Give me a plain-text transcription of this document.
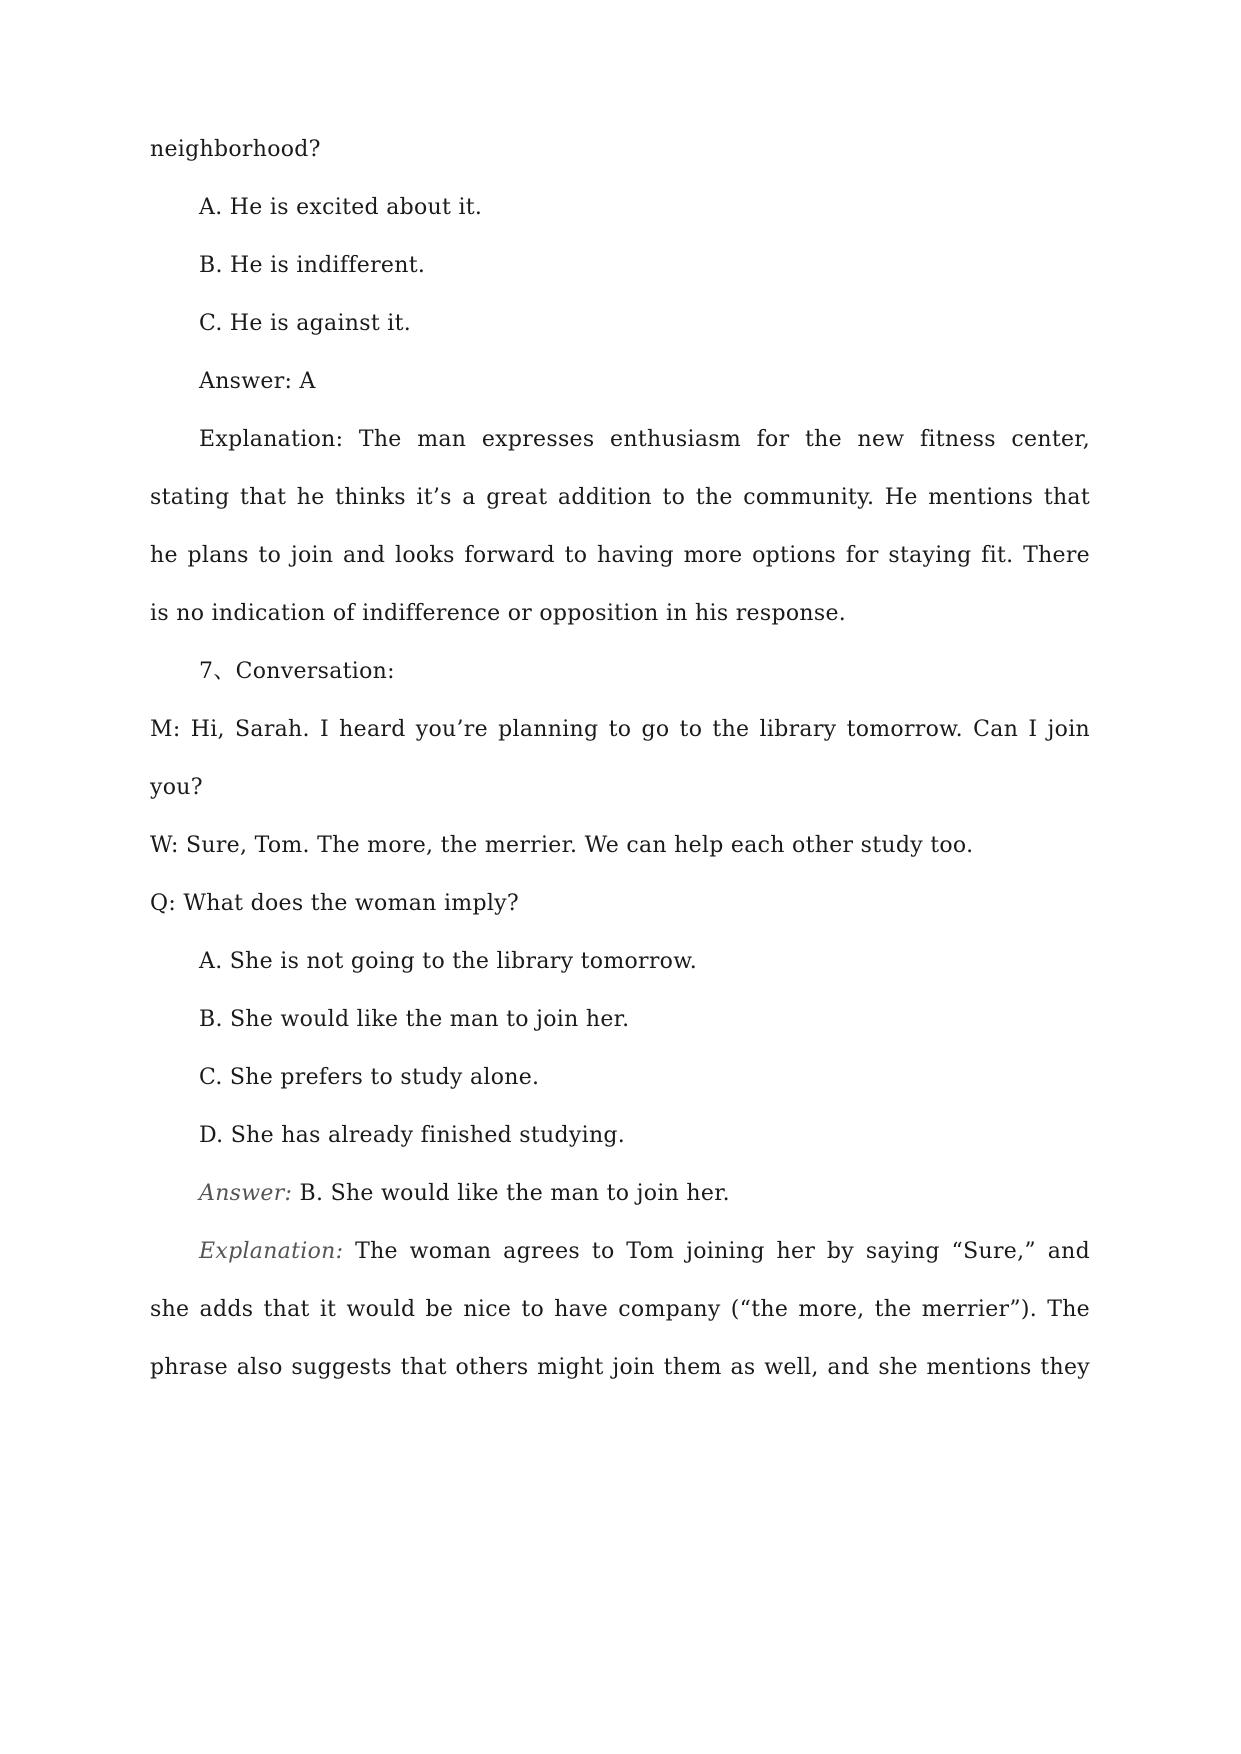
neighborhood?
A. He is excited about it.
B. He is indifferent.
C. He is against it.
Answer: A
Explanation: The man expresses enthusiasm for the new fitness center,
stating that he thinks it’s a great addition to the community. He mentions that
he plans to join and looks forward to having more options for staying fit. There
is no indication of indifference or opposition in his response.
7、Conversation:
M: Hi, Sarah. I heard you’re planning to go to the library tomorrow. Can I join
you?
W: Sure, Tom. The more, the merrier. We can help each other study too.
Q: What does the woman imply?
A. She is not going to the library tomorrow.
B. She would like the man to join her.
C. She prefers to study alone.
D. She has already finished studying.
Answer: B. She would like the man to join her.
Explanation: The woman agrees to Tom joining her by saying “Sure,” and
she adds that it would be nice to have company (“the more, the merrier”). The
phrase also suggests that others might join them as well, and she mentions they
